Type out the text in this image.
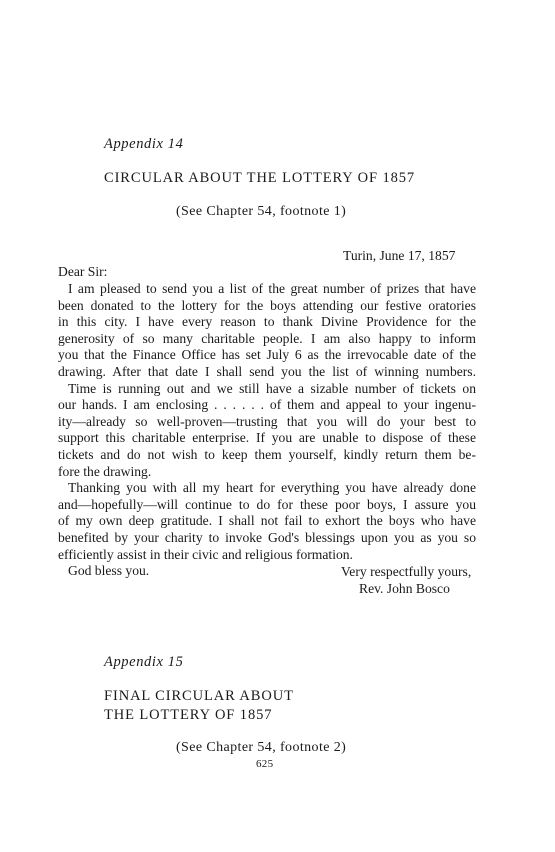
Appendix 14

CIRCULAR ABOUT THE LOTTERY OF 1857

(See Chapter 54, footnote 1)

Turin, June 17, 1857

Dear Sir:

I am pleased to send you a list of the great number of prizes that have
been donated to the lottery for the boys attending our festive oratories
in this city. I have every reason to thank Divine Providence for the
generosity of so many charitable people. I am also happy to inform
you that the Finance Office has set July 6 as the irrevocable date of the
drawing. After that date I shall send you the list of winning numbers.
Time is running out and we still have a sizable number of tickets on
our hands. I am enclosing . . . . . . of them and appeal to your ingenu-
ity—already so well-proven—trusting that you will do your best to
support this charitable enterprise. If you are unable to dispose of these
tickets and do not wish to keep them yourself, kindly return them be-
fore the drawing.
Thanking you with all my heart for everything you have already done
and—hopefully—will continue to do for these poor boys, I assure you
of my own deep gratitude. I shall not fail to exhort the boys who have
benefited by your charity to invoke God's blessings upon you as you so
efficiently assist in their civic and religious formation.
God bless you.	Very respectfully yours,

Rev. John Bosco

Appendix 15

FINAL CIRCULAR ABOUT

THE LOTTERY OF 1857

(See Chapter 54, footnote 2)

625
